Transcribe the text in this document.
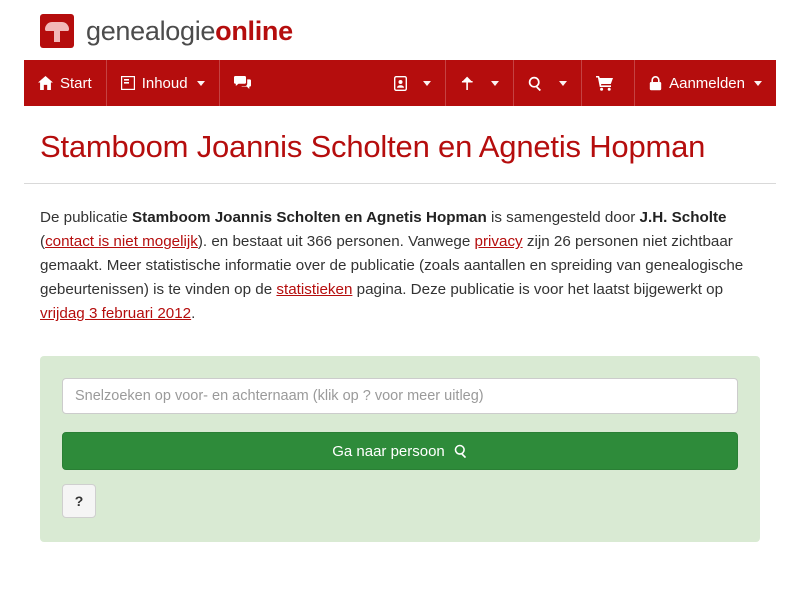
genealogieonline
Start	Inhoud	Aanmelden
Stamboom Joannis Scholten en Agnetis Hopman

De publicatie Stamboom Joannis Scholten en Agnetis Hopman is samengesteld door J.H. Scholte (contact is niet mogelijk). en bestaat uit 366 personen. Vanwege privacy zijn 26 personen niet zichtbaar gemaakt. Meer statistische informatie over de publicatie (zoals aantallen en spreiding van genealogische gebeurtenissen) is te vinden op de statistieken pagina. Deze publicatie is voor het laatst bijgewerkt op vrijdag 3 februari 2012.

Snelzoeken op voor- en achternaam (klik op ? voor meer uitleg)
Ga naar persoon
?
